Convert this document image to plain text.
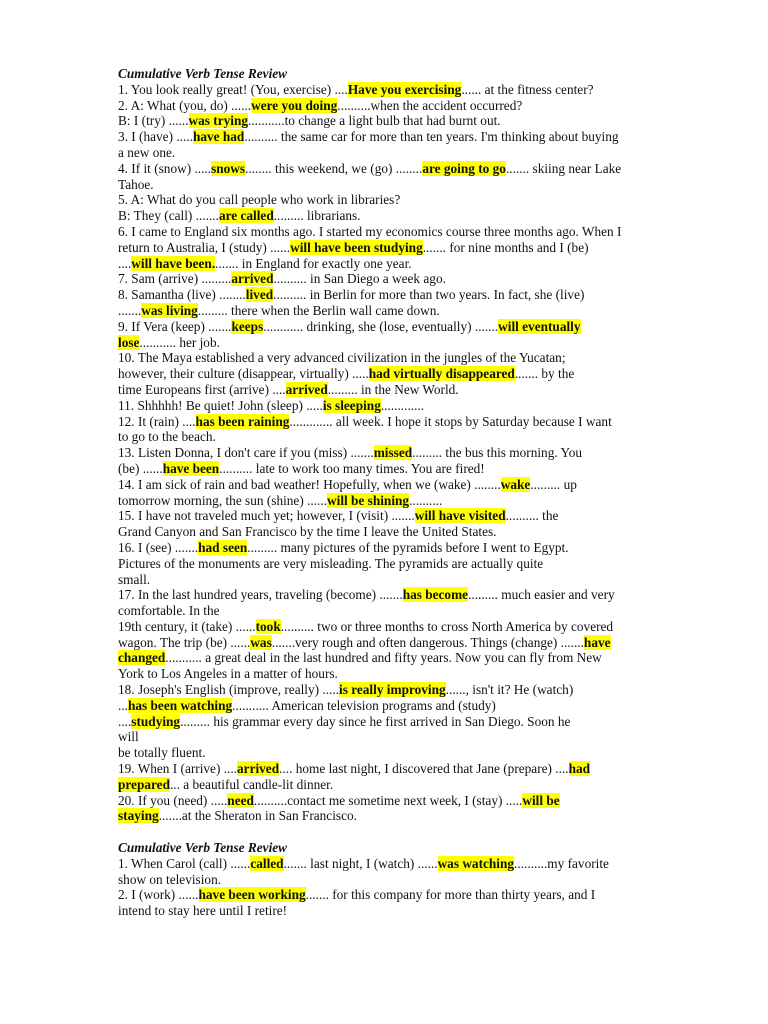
Cumulative Verb Tense Review
1. You look really great! (You, exercise) ....Have you exercising...... at the fitness center?
2. A: What (you, do) ......were you doing..........when the accident occurred?
B: I (try) ......was trying...........to change a light bulb that had burnt out.
3. I (have) .....have had.......... the same car for more than ten years. I'm thinking about buying
a new one.
4. If it (snow) .....snows........ this weekend, we (go) ........are going to go....... skiing near Lake
Tahoe.
5. A: What do you call people who work in libraries?
B: They (call) .......are called......... librarians.
6. I came to England six months ago. I started my economics course three months ago. When I
return to Australia, I (study) ......will have been studying....... for nine months and I (be)
....will have been........ in England for exactly one year.
7. Sam (arrive) .........arrived.......... in San Diego a week ago.
8. Samantha (live) ........lived.......... in Berlin for more than two years. In fact, she (live)
.......was living......... there when the Berlin wall came down.
9. If Vera (keep) .......keeps............ drinking, she (lose, eventually) .......will eventually
lose........... her job.
10. The Maya established a very advanced civilization in the jungles of the Yucatan;
however, their culture (disappear, virtually) .....had virtually disappeared....... by the
time Europeans first (arrive) ....arrived......... in the New World.
11. Shhhhh! Be quiet! John (sleep) .....is sleeping.............
12. It (rain) ....has been raining............. all week. I hope it stops by Saturday because I want
to go to the beach.
13. Listen Donna, I don't care if you (miss) .......missed......... the bus this morning. You
(be) ......have been.......... late to work too many times. You are fired!
14. I am sick of rain and bad weather! Hopefully, when we (wake) ........wake......... up
tomorrow morning, the sun (shine) ......will be shining..........
15. I have not traveled much yet; however, I (visit) .......will have visited.......... the
Grand Canyon and San Francisco by the time I leave the United States.
16. I (see) .......had seen......... many pictures of the pyramids before I went to Egypt.
Pictures of the monuments are very misleading. The pyramids are actually quite
small.
17. In the last hundred years, traveling (become) .......has become......... much easier and very
comfortable. In the
19th century, it (take) ......took.......... two or three months to cross North America by covered
wagon. The trip (be) ......was.......very rough and often dangerous. Things (change) .......have
changed........... a great deal in the last hundred and fifty years. Now you can fly from New
York to Los Angeles in a matter of hours.
18. Joseph's English (improve, really) .....is really improving......, isn't it? He (watch)
...has been watching........... American television programs and (study)
....studying......... his grammar every day since he first arrived in San Diego. Soon he
will
be totally fluent.
19. When I (arrive) ....arrived.... home last night, I discovered that Jane (prepare) ....had
prepared... a beautiful candle-lit dinner.
20. If you (need) .....need..........contact me sometime next week, I (stay) .....will be
staying.......at the Sheraton in San Francisco.
Cumulative Verb Tense Review
1. When Carol (call) ......called....... last night, I (watch) ......was watching..........my favorite
show on television.
2. I (work) ......have been working....... for this company for more than thirty years, and I
intend to stay here until I retire!
